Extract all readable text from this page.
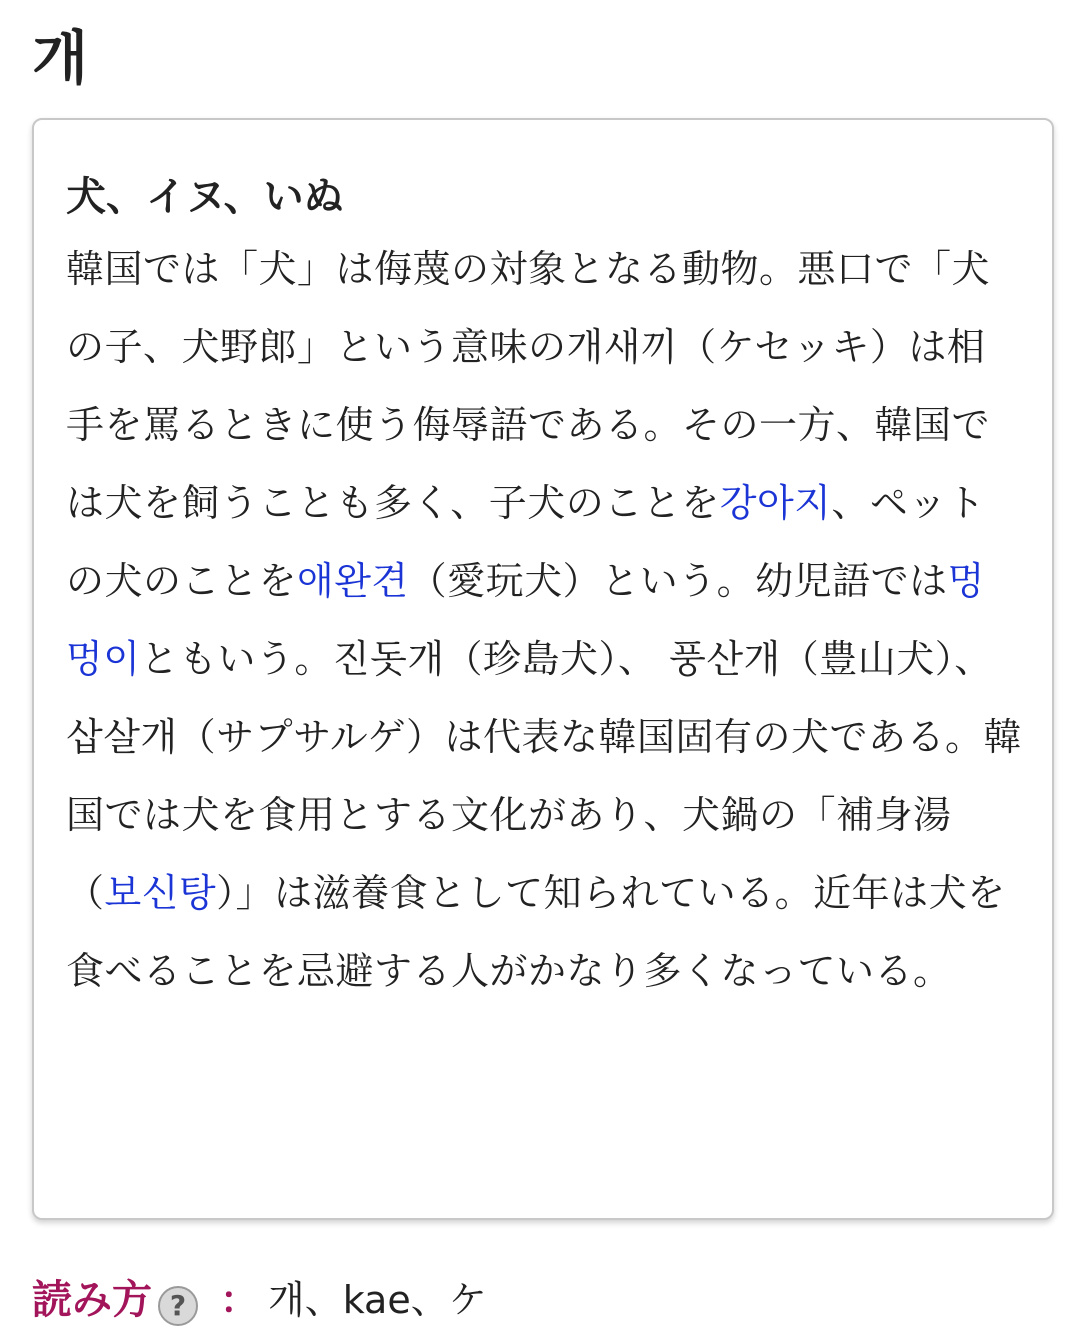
개
犬、イヌ、いぬ

韓国では「犬」は侮蔑の対象となる動物。悪口で「犬の子、犬野郎」という意味の개새끼（ケセッキ）は相手を罵るときに使う侮辱語である。その一方、韓国では犬を飼うことも多く、子犬のことを강아지、ペットの犬のことを애완견（愛玩犬）という。幼児語では멍멍이ともいう。진돗개（珍島犬）、 풍산개（豊山犬）、삽살개（サプサルゲ）は代表な韓国固有の犬である。韓国では犬を食用とする文化があり、犬鍋の「補身湯（보신탕）」は滋養食として知られている。近年は犬を食べることを忌避する人がかなり多くなっている。

読み方 ? ： 개、kae、ケ
